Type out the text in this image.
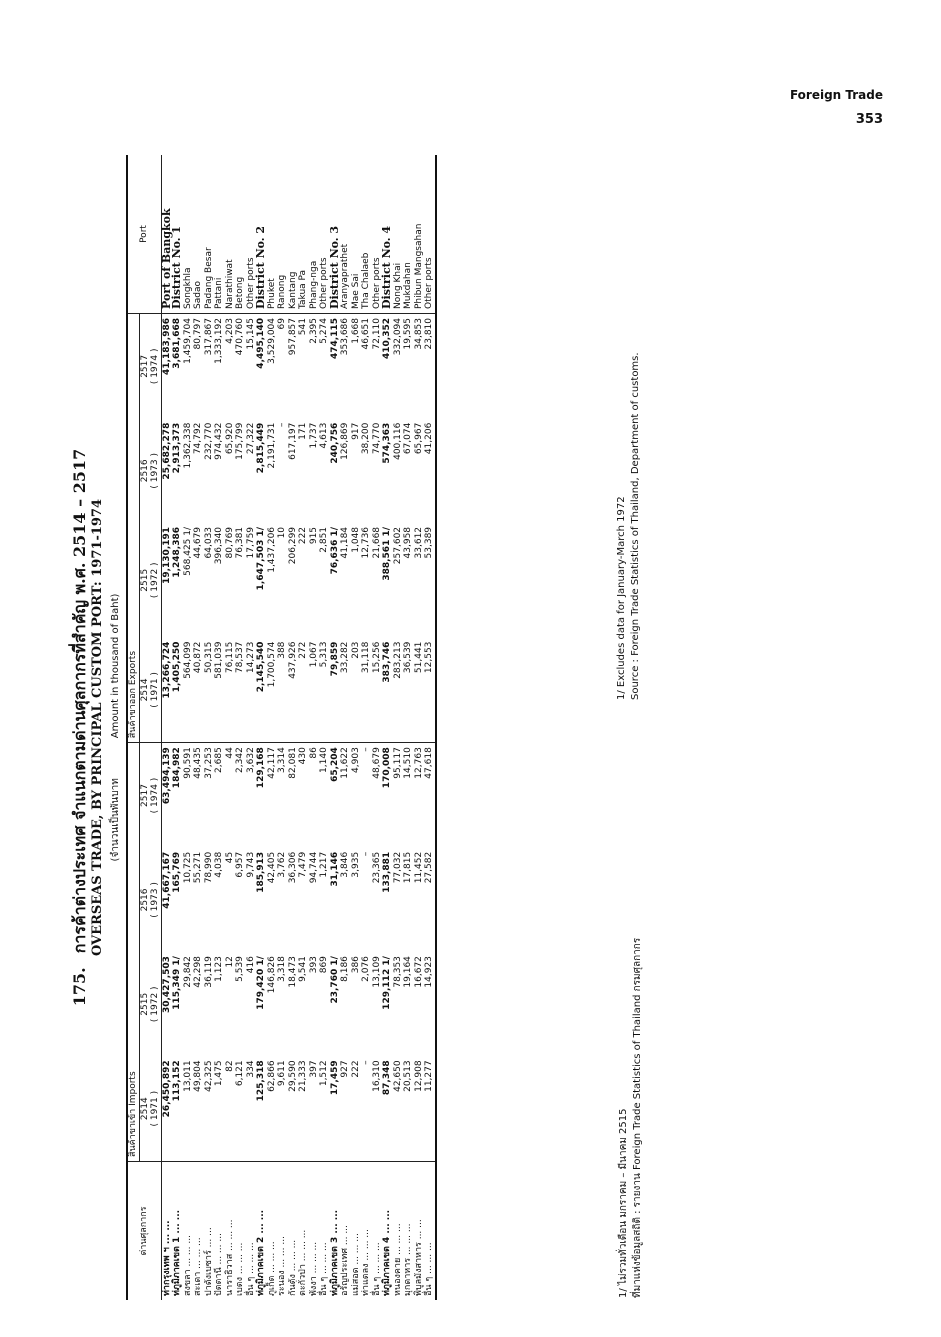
Foreign Trade
353
175.การค้าต่างประเทศ จำแนกตามด่านศุลกากรที่สำคัญ พ.ศ. 2514 – 2517 OVERSEAS TRADE, BY PRINCIPAL CUSTOM PORT: 1971-1974 (จำนวนเป็นพันบาทAmount in thousand of Baht)
ด่านศุลกากร	สินค้าขาเข้า Imports				สินค้าขาออก Exports				Port

	2514 ( 1971 )	2515 ( 1972 )	2516 ( 1973 )	2517 ( 1974 )	2514 ( 1971 )	2515 ( 1972 )	2516 ( 1973 )	2517 ( 1974 )	

ท่ากรุงเทพ ฯ ... ...	26,450,892	30,427,503	41,667,167	63,494,139	13,266,724	19,130,191	25,682,278	41,183,986	Port of Bangkok
ท่ภูมิภาคเขต 1 ... ...	113,152	115,349 1/	165,769	184,982	1,405,250	1,248,386	2,913,373	3,681,668	District No. 1
สงขลา ... ... ...	13,011	29,842	10,725	90,591	564,099	568,425 1/	1,362,338	1,459,704	Songkhla
สะเดา ... ... ...	49,804	42,298	55,271	48,435	40,872	44,679	74,792	80,797	Sadao
ปาดังเบซาร์ ... ...	42,325	36,119	78,990	37,253	50,315	64,033	232,770	317,867	Padang Besar
ปัตตานี ... ... ...	1,475	1,123	4,038	2,685	581,039	396,340	974,432	1,333,192	Pattani
นาราธิวาส ... ... ...	82	12	45	44	76,115	80,769	65,920	4,203	Narathiwat
เบตง ... ... ...	6,121	5,539	6,957	2,342	78,537	76,381	175,799	470,760	Betong
อื่น ๆ ... ... ...	334	416	9,743	3,632	14,273	17,759	27,322	15,145	Other ports
ท่ภูมิภาคเขต 2 ... ...	125,318	179,420 1/	185,913	129,168	2,145,540	1,647,503 1/	2,815,449	4,495,140	District No. 2
ภูเก็ต ... ... ...	62,866	146,826	42,405	42,117	1,700,574	1,437,206	2,191,731	3,529,004	Phuket
ระนอง ... ... ...	9,611	3,318	3,762	3,314	388	10	–	69	Ranong
กันตัง ... ... ...	29,590	18,473	36,306	82,081	437,926	206,299	617,197	957,857	Kantang
ตะกั่วป่า ... ... ...	21,333	9,541	7,479	430	272	222	171	541	Takua Pa
พังงา ... ... ...	397	393	94,744	86	1,067	915	1,737	2,395	Phang-nga
อื่น ๆ ... ... ...	1,512	869	1,217	1,140	5,313	2,851	4,613	5,274	Other ports
ท่ภูมิภาคเขต 3 ... ...	17,459	23,760 1/	31,146	65,204	79,859	76,636 1/	240,756	474,115	District No. 3
อรัญประเทศ ... ...	927	8,186	3,846	11,622	33,282	41,184	126,869	353,686	Aranyaprathet
แม่สอด ... ... ...	222	386	3,935	4,903	203	1,048	917	1,668	Mae Sai
ท่าแตลง ... ... ...	–	2,076	–	–	31,118	12,736	38,200	46,651	Tha Chalaeb
อื่น ๆ ... ... ...	16,310	13,109	23,365	48,679	15,256	21,668	74,770	72,110	Other ports
ท่ภูมิภาคเขต 4 ... ...	87,348	129,112 1/	133,881	170,008	383,746	388,561 1/	574,363	410,352	District No. 4
หนองคาย ... ... ...	42,650	78,353	77,032	95,117	283,213	257,602	400,116	332,094	Nong Khai
มุกดาหาร ... ... ...	20,513	19,164	17,815	14,510	36,539	43,958	67,074	19,595	Mukdahan
พิบูลมังสาหาร ... ...	12,908	16,672	11,452	12,763	51,441	33,612	65,967	34,853	Phibun Mangsahan
อื่น ๆ ... ... ...	11,277	14,923	27,582	47,618	12,553	53,389	41,206	23,810	Other ports
1/ ไม่รวมทั่วเดือน มกราคม – มีนาคม 2515
1/ Excludes data for January-March 1972
ที่มาแห่งข้อมูลสถิติ : รายงาน Foreign Trade Statistics of Thailand กรมศุลกากร
Source : Foreign Trade Statistics of Thailand, Department of customs.
